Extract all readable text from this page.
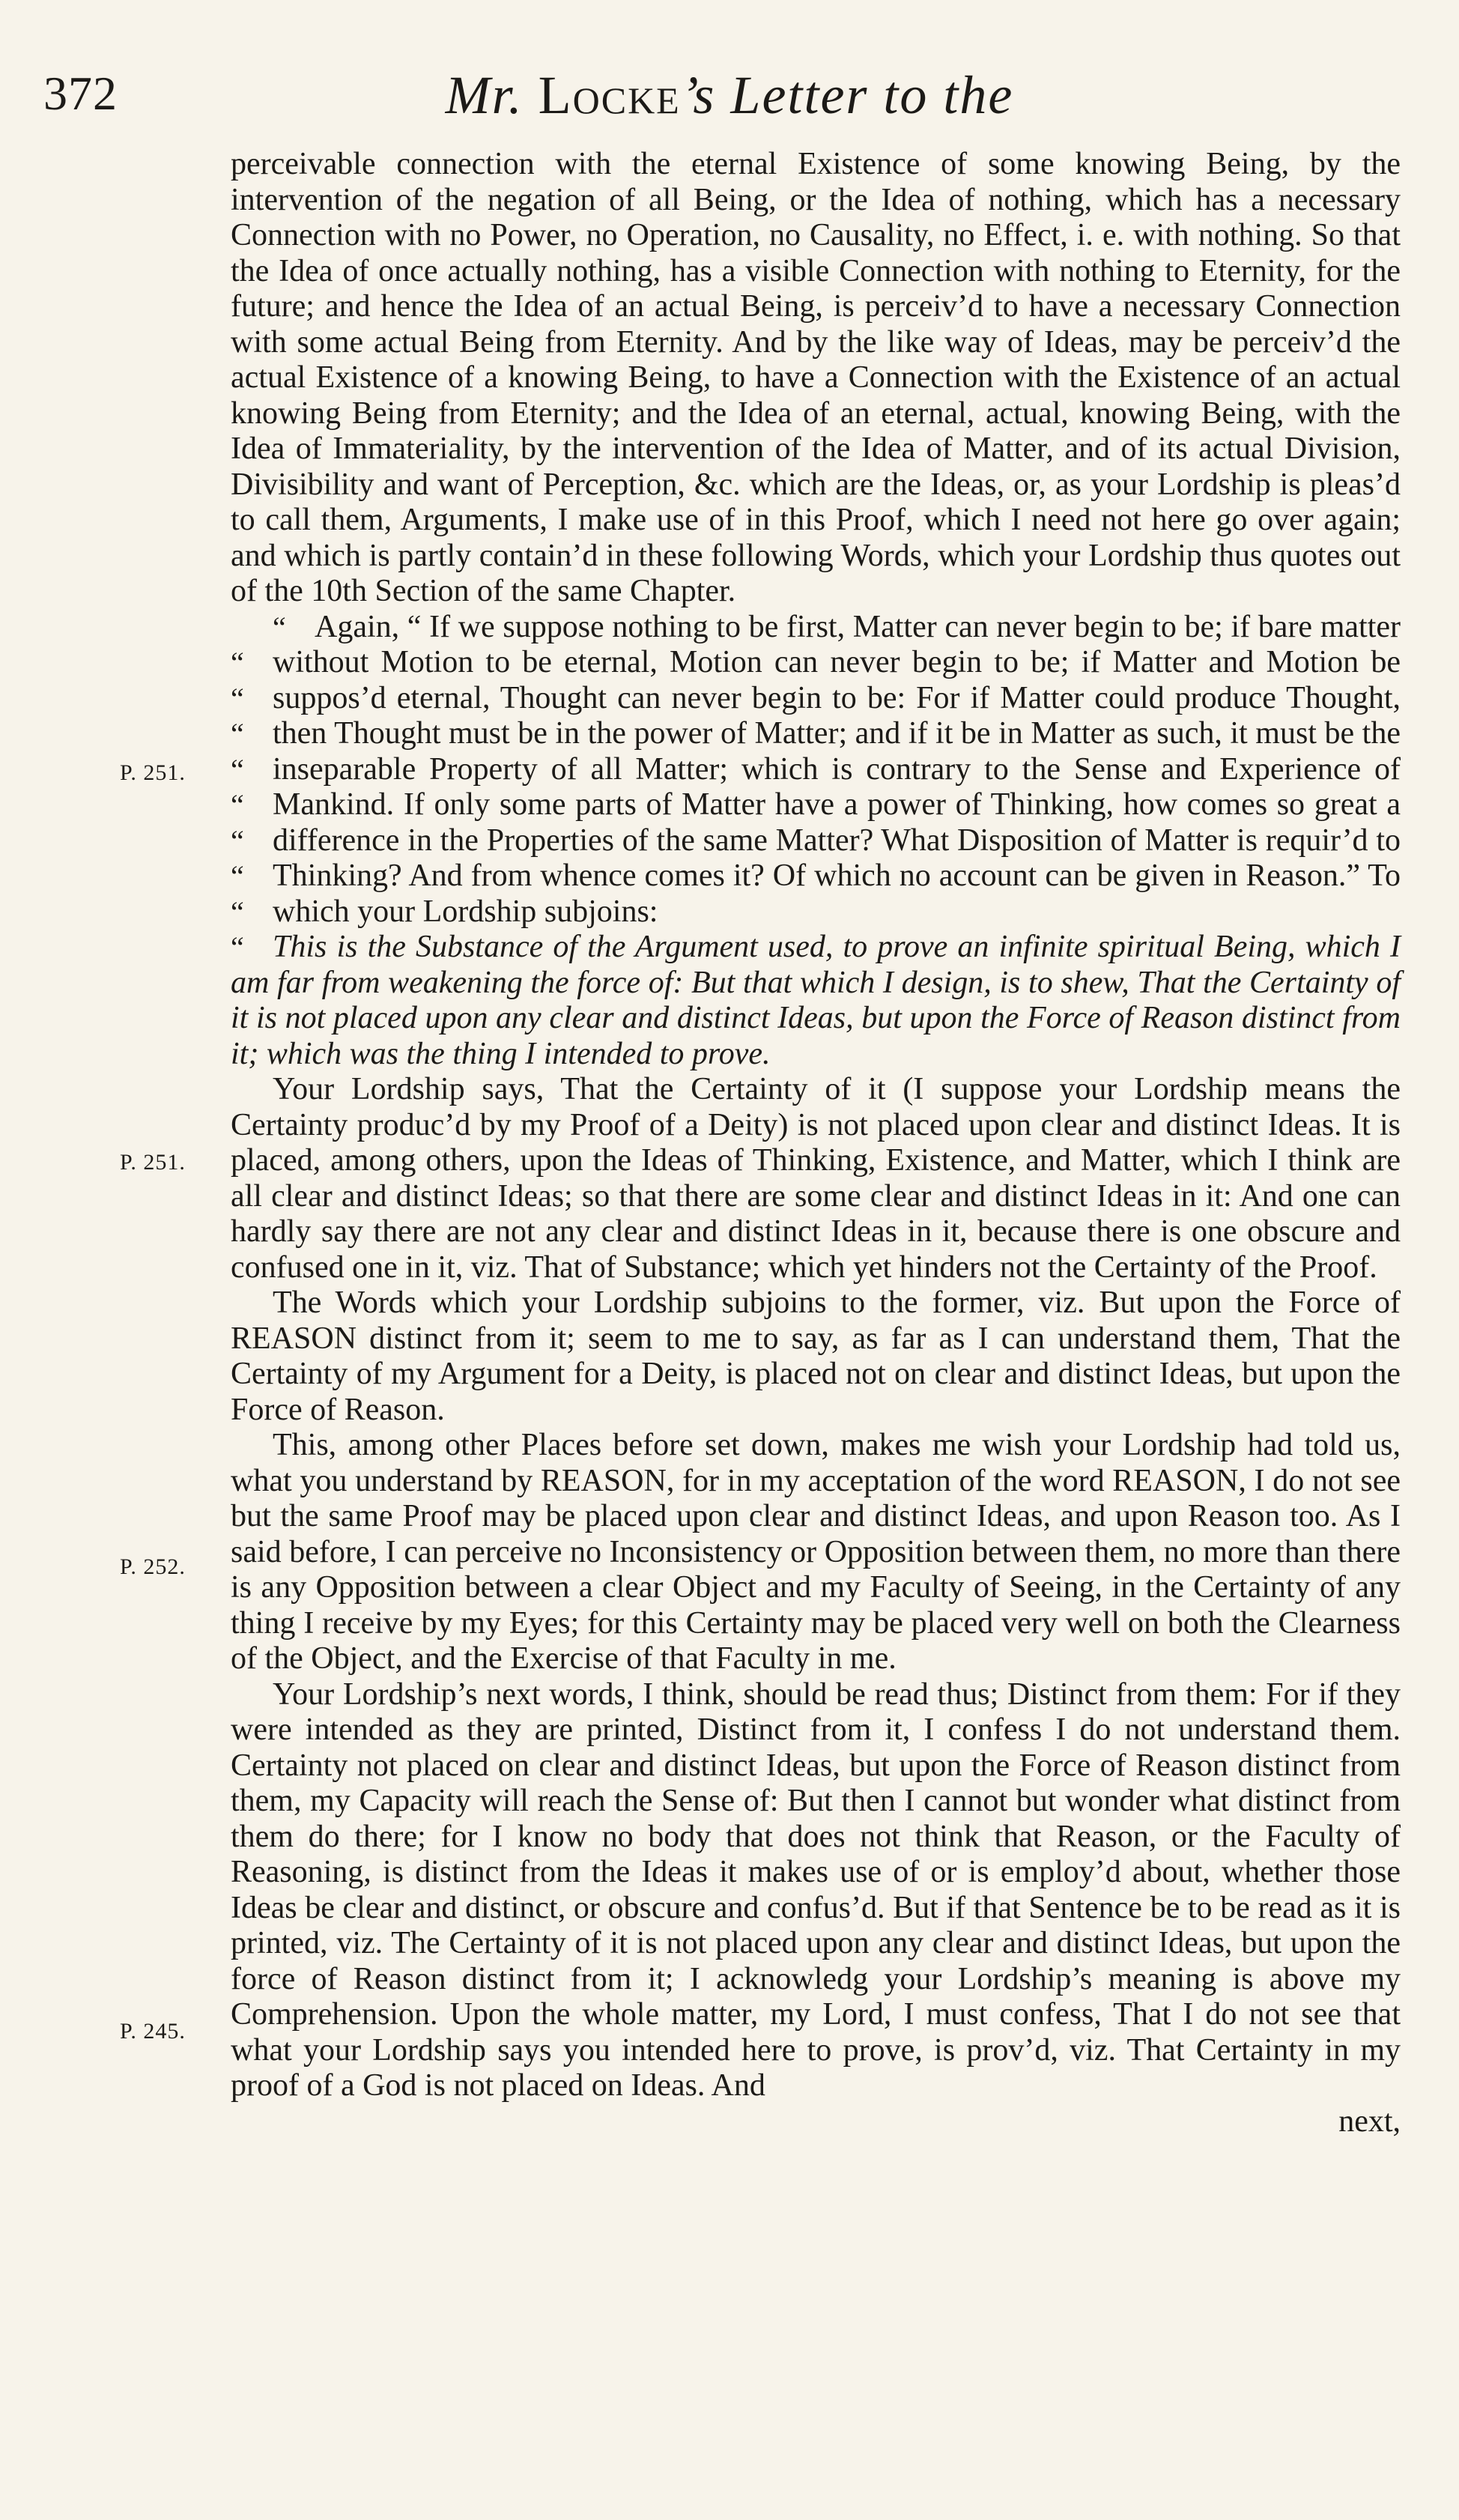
372	Mr. Locke’s Letter to the
P. 251.
P. 251.
P. 252.
P. 245.

perceivable connection with the eternal Existence of some knowing Being, by the intervention of the negation of all Being, or the Idea of nothing, which has a necessary Connection with no Power, no Operation, no Causality, no Effect, i. e. with nothing. So that the Idea of once actually nothing, has a visible Connection with nothing to Eternity, for the future; and hence the Idea of an actual Being, is perceiv’d to have a necessary Connection with some actual Being from Eternity. And by the like way of Ideas, may be perceiv’d the actual Existence of a knowing Being, to have a Connection with the Existence of an actual knowing Being from Eternity; and the Idea of an eternal, actual, knowing Being, with the Idea of Immateriality, by the intervention of the Idea of Matter, and of its actual Division, Divisibility and want of Perception, &c. which are the Ideas, or, as your Lordship is pleas’d to call them, Arguments, I make use of in this Proof, which I need not here go over again; and which is partly contain’d in these following Words, which your Lordship thus quotes out of the 10th Section of the same Chapter.

“ “ “ “ “ “ “ “ “ “ Again, “ If we suppose nothing to be first, Matter can never begin to be; if bare matter without Motion to be eternal, Motion can never begin to be; if Matter and Motion be suppos’d eternal, Thought can never begin to be: For if Matter could produce Thought, then Thought must be in the power of Matter; and if it be in Matter as such, it must be the inseparable Property of all Matter; which is contrary to the Sense and Experience of Mankind. If only some parts of Matter have a power of Thinking, how comes so great a difference in the Properties of the same Matter? What Disposition of Matter is requir’d to Thinking? And from whence comes it? Of which no account can be given in Reason.” To which your Lordship subjoins:

This is the Substance of the Argument used, to prove an infinite spiritual Being, which I am far from weakening the force of: But that which I design, is to shew, That the Certainty of it is not placed upon any clear and distinct Ideas, but upon the Force of Reason distinct from it; which was the thing I intended to prove.

Your Lordship says, That the Certainty of it (I suppose your Lordship means the Certainty produc’d by my Proof of a Deity) is not placed upon clear and distinct Ideas. It is placed, among others, upon the Ideas of Thinking, Existence, and Matter, which I think are all clear and distinct Ideas; so that there are some clear and distinct Ideas in it: And one can hardly say there are not any clear and distinct Ideas in it, because there is one obscure and confused one in it, viz. That of Substance; which yet hinders not the Certainty of the Proof.

The Words which your Lordship subjoins to the former, viz. But upon the Force of REASON distinct from it; seem to me to say, as far as I can understand them, That the Certainty of my Argument for a Deity, is placed not on clear and distinct Ideas, but upon the Force of Reason.

This, among other Places before set down, makes me wish your Lordship had told us, what you understand by REASON, for in my acceptation of the word REASON, I do not see but the same Proof may be placed upon clear and distinct Ideas, and upon Reason too. As I said before, I can perceive no Inconsistency or Opposition between them, no more than there is any Opposition between a clear Object and my Faculty of Seeing, in the Certainty of any thing I receive by my Eyes; for this Certainty may be placed very well on both the Clearness of the Object, and the Exercise of that Faculty in me.

Your Lordship’s next words, I think, should be read thus; Distinct from them: For if they were intended as they are printed, Distinct from it, I confess I do not understand them. Certainty not placed on clear and distinct Ideas, but upon the Force of Reason distinct from them, my Capacity will reach the Sense of: But then I cannot but wonder what distinct from them do there; for I know no body that does not think that Reason, or the Faculty of Reasoning, is distinct from the Ideas it makes use of or is employ’d about, whether those Ideas be clear and distinct, or obscure and confus’d. But if that Sentence be to be read as it is printed, viz. The Certainty of it is not placed upon any clear and distinct Ideas, but upon the force of Reason distinct from it; I acknowledg your Lordship’s meaning is above my Comprehension. Upon the whole matter, my Lord, I must confess, That I do not see that what your Lordship says you intended here to prove, is prov’d, viz. That Certainty in my proof of a God is not placed on Ideas. And

next,
